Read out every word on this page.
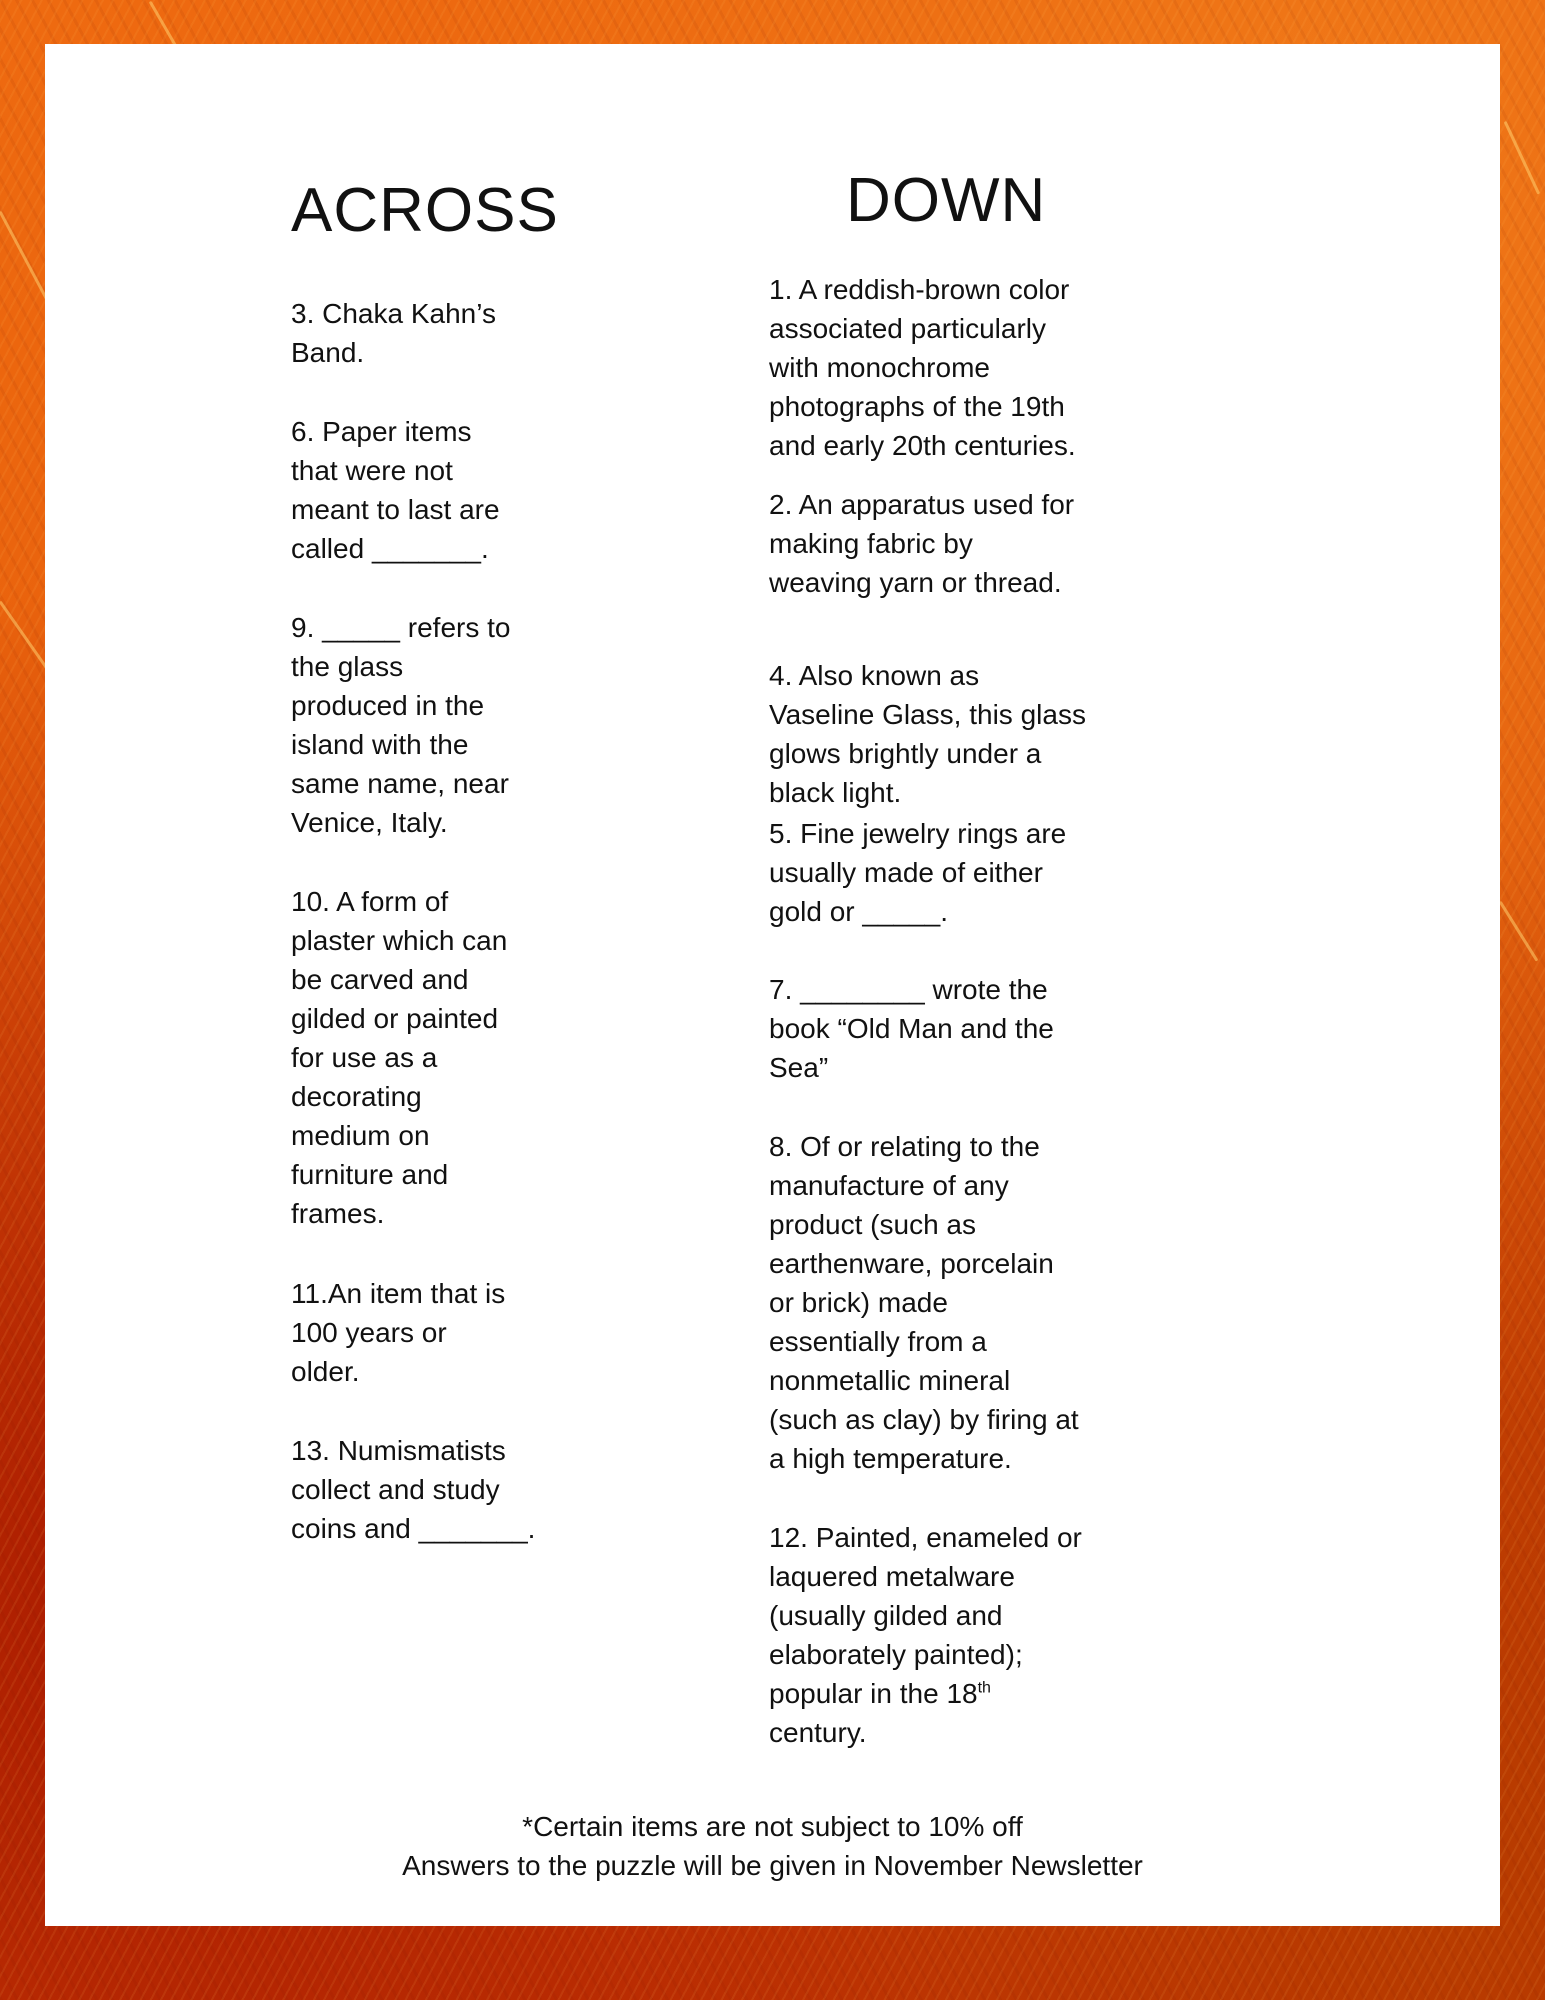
ACROSS

3. Chaka Kahn’s
Band.

6. Paper items
that were not
meant to last are
called _______.

9. _____ refers to
the glass
produced in the
island with the
same name, near
Venice, Italy.

10. A form of
plaster which can
be carved and
gilded or painted
for use as a
decorating
medium on
furniture and
frames.

11.An item that is
100 years or
older.

13. Numismatists
collect and study
coins and _______.

DOWN

1. A reddish-brown color
associated particularly
with monochrome
photographs of the 19th
and early 20th centuries.

2. An apparatus used for
making fabric by
weaving yarn or thread.

4. Also known as
Vaseline Glass, this glass
glows brightly under a
black light.

5. Fine jewelry rings are
usually made of either
gold or _____.

7. ________ wrote the
book “Old Man and the
Sea”

8. Of or relating to the
manufacture of any
product (such as
earthenware, porcelain
or brick) made
essentially from a
nonmetallic mineral
(such as clay) by firing at
a high temperature.

12. Painted, enameled or
laquered metalware
(usually gilded and
elaborately painted);
popular in the 18th
century.

*Certain items are not subject to 10% off
Answers to the puzzle will be given in November Newsletter
